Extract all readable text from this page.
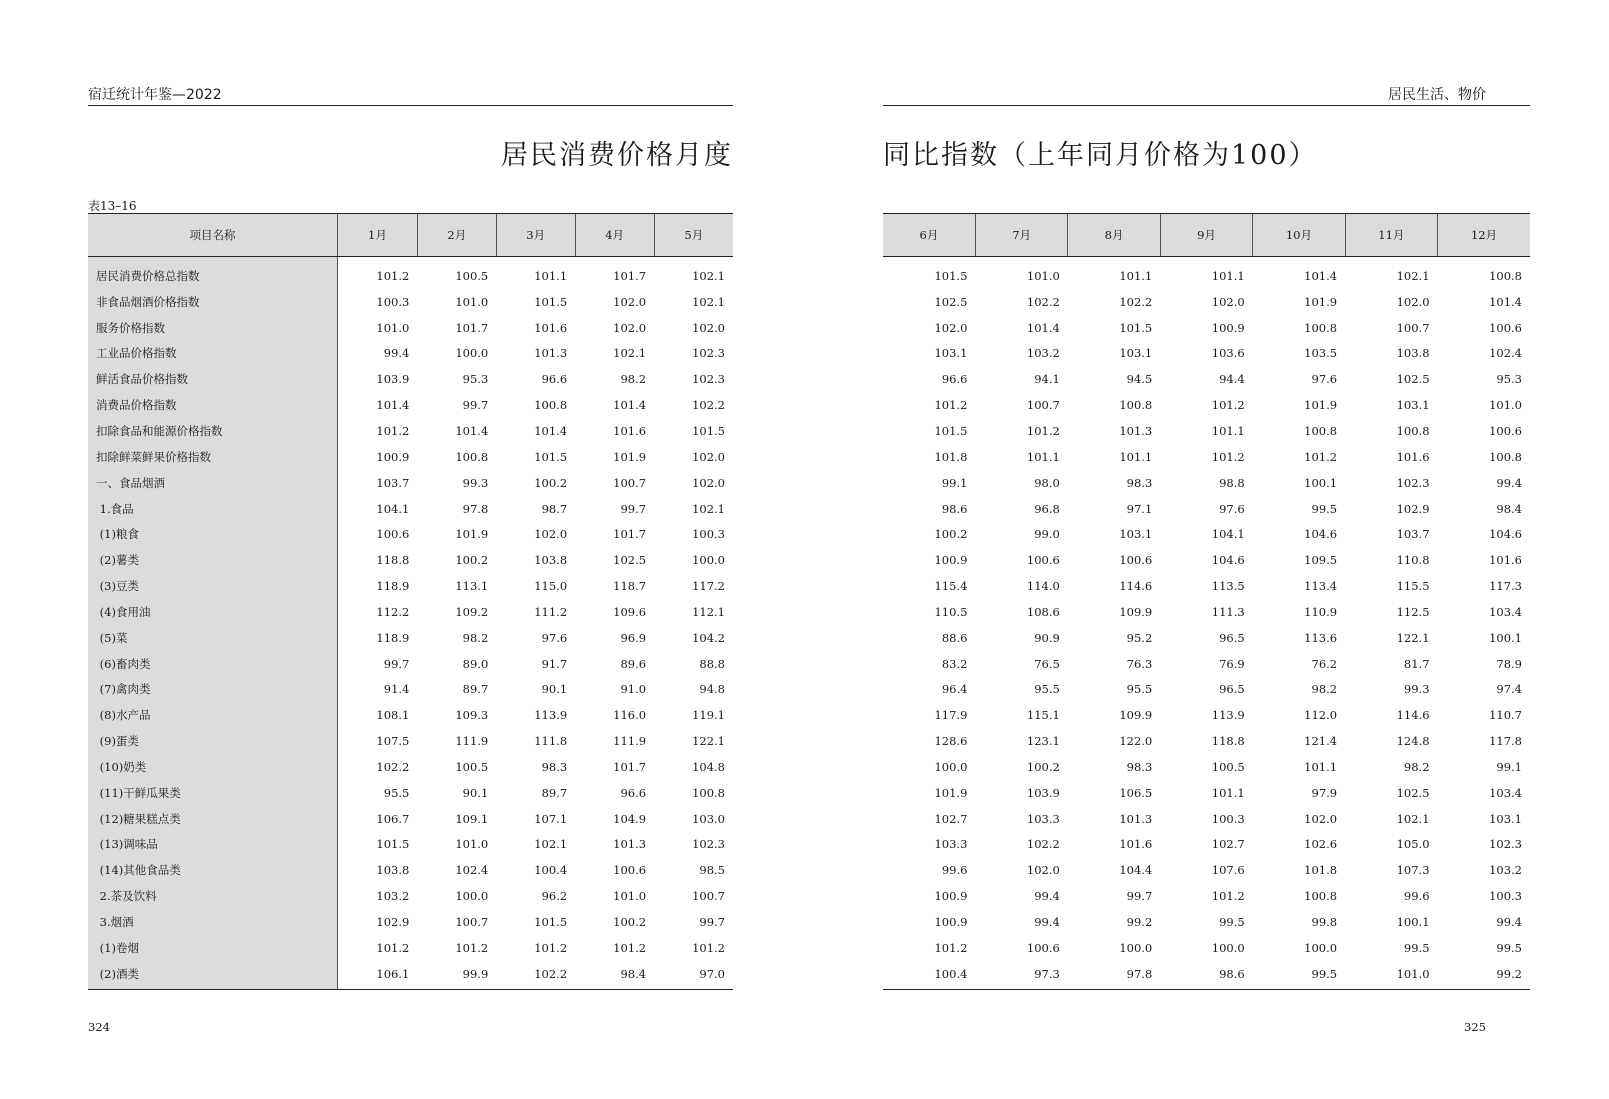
宿迁统计年鉴—2022	居民生活、物价
居民消费价格月度	同比指数（上年同月价格为100）
表13–16
项目名称	1月	2月	3月	4月	5月
居民消费价格总指数	101.2	100.5	101.1	101.7	102.1
非食品烟酒价格指数	100.3	101.0	101.5	102.0	102.1
服务价格指数	101.0	101.7	101.6	102.0	102.0
工业品价格指数	99.4	100.0	101.3	102.1	102.3
鲜活食品价格指数	103.9	95.3	96.6	98.2	102.3
消费品价格指数	101.4	99.7	100.8	101.4	102.2
扣除食品和能源价格指数	101.2	101.4	101.4	101.6	101.5
扣除鲜菜鲜果价格指数	100.9	100.8	101.5	101.9	102.0
一、食品烟酒	103.7	99.3	100.2	100.7	102.0
1.食品	104.1	97.8	98.7	99.7	102.1
(1)粮食	100.6	101.9	102.0	101.7	100.3
(2)薯类	118.8	100.2	103.8	102.5	100.0
(3)豆类	118.9	113.1	115.0	118.7	117.2
(4)食用油	112.2	109.2	111.2	109.6	112.1
(5)菜	118.9	98.2	97.6	96.9	104.2
(6)畜肉类	99.7	89.0	91.7	89.6	88.8
(7)禽肉类	91.4	89.7	90.1	91.0	94.8
(8)水产品	108.1	109.3	113.9	116.0	119.1
(9)蛋类	107.5	111.9	111.8	111.9	122.1
(10)奶类	102.2	100.5	98.3	101.7	104.8
(11)干鲜瓜果类	95.5	90.1	89.7	96.6	100.8
(12)糖果糕点类	106.7	109.1	107.1	104.9	103.0
(13)调味品	101.5	101.0	102.1	101.3	102.3
(14)其他食品类	103.8	102.4	100.4	100.6	98.5
2.茶及饮料	103.2	100.0	96.2	101.0	100.7
3.烟酒	102.9	100.7	101.5	100.2	99.7
(1)卷烟	101.2	101.2	101.2	101.2	101.2
(2)酒类	106.1	99.9	102.2	98.4	97.0
6月	7月	8月	9月	10月	11月	12月
101.5	101.0	101.1	101.1	101.4	102.1	100.8
102.5	102.2	102.2	102.0	101.9	102.0	101.4
102.0	101.4	101.5	100.9	100.8	100.7	100.6
103.1	103.2	103.1	103.6	103.5	103.8	102.4
96.6	94.1	94.5	94.4	97.6	102.5	95.3
101.2	100.7	100.8	101.2	101.9	103.1	101.0
101.5	101.2	101.3	101.1	100.8	100.8	100.6
101.8	101.1	101.1	101.2	101.2	101.6	100.8
99.1	98.0	98.3	98.8	100.1	102.3	99.4
98.6	96.8	97.1	97.6	99.5	102.9	98.4
100.2	99.0	103.1	104.1	104.6	103.7	104.6
100.9	100.6	100.6	104.6	109.5	110.8	101.6
115.4	114.0	114.6	113.5	113.4	115.5	117.3
110.5	108.6	109.9	111.3	110.9	112.5	103.4
88.6	90.9	95.2	96.5	113.6	122.1	100.1
83.2	76.5	76.3	76.9	76.2	81.7	78.9
96.4	95.5	95.5	96.5	98.2	99.3	97.4
117.9	115.1	109.9	113.9	112.0	114.6	110.7
128.6	123.1	122.0	118.8	121.4	124.8	117.8
100.0	100.2	98.3	100.5	101.1	98.2	99.1
101.9	103.9	106.5	101.1	97.9	102.5	103.4
102.7	103.3	101.3	100.3	102.0	102.1	103.1
103.3	102.2	101.6	102.7	102.6	105.0	102.3
99.6	102.0	104.4	107.6	101.8	107.3	103.2
100.9	99.4	99.7	101.2	100.8	99.6	100.3
100.9	99.4	99.2	99.5	99.8	100.1	99.4
101.2	100.6	100.0	100.0	100.0	99.5	99.5
100.4	97.3	97.8	98.6	99.5	101.0	99.2
324	325
